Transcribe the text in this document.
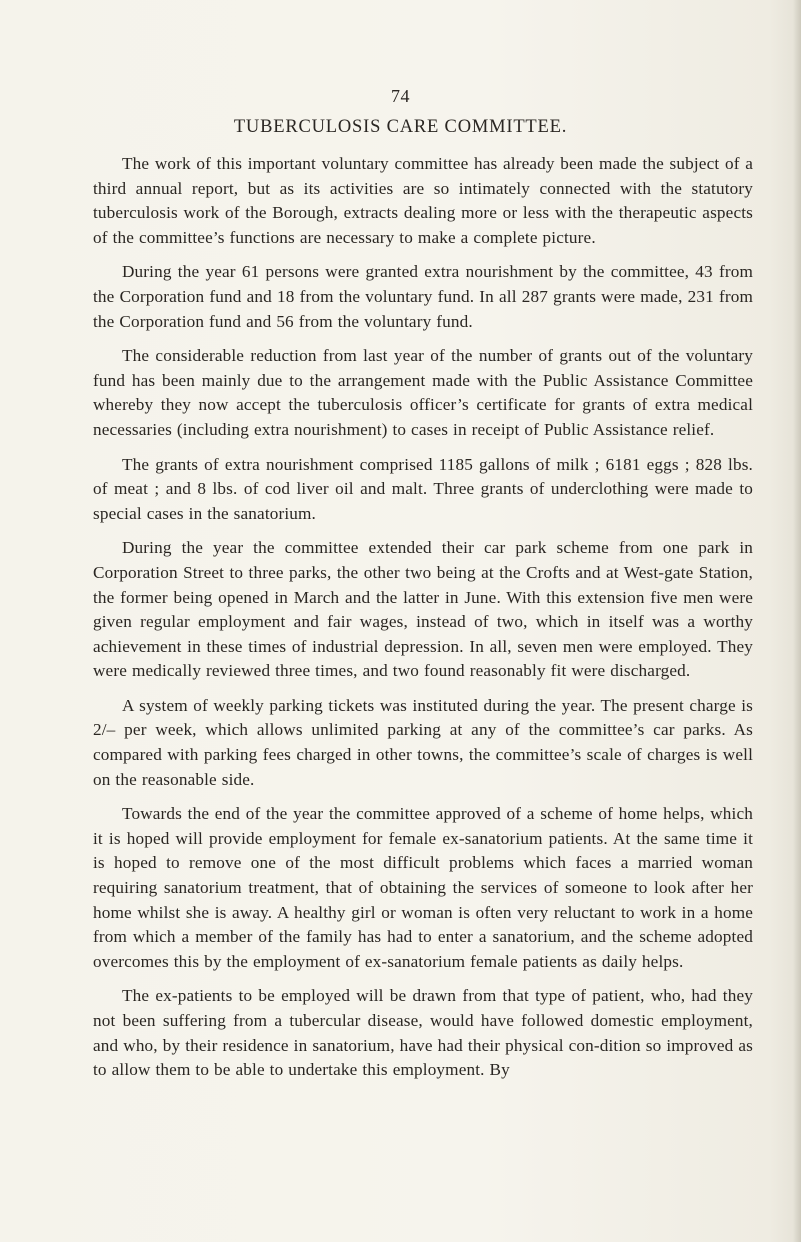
74
TUBERCULOSIS CARE COMMITTEE.

The work of this important voluntary committee has already been made the subject of a third annual report, but as its activities are so intimately connected with the statutory tuberculosis work of the Borough, extracts dealing more or less with the therapeutic aspects of the committee’s functions are necessary to make a complete picture.

During the year 61 persons were granted extra nourishment by the committee, 43 from the Corporation fund and 18 from the voluntary fund. In all 287 grants were made, 231 from the Corporation fund and 56 from the voluntary fund.

The considerable reduction from last year of the number of grants out of the voluntary fund has been mainly due to the arrangement made with the Public Assistance Committee whereby they now accept the tuberculosis officer’s certificate for grants of extra medical necessaries (including extra nourishment) to cases in receipt of Public Assistance relief.

The grants of extra nourishment comprised 1185 gallons of milk ; 6181 eggs ; 828 lbs. of meat ; and 8 lbs. of cod liver oil and malt. Three grants of underclothing were made to special cases in the sanatorium.

During the year the committee extended their car park scheme from one park in Corporation Street to three parks, the other two being at the Crofts and at West-gate Station, the former being opened in March and the latter in June. With this extension five men were given regular employment and fair wages, instead of two, which in itself was a worthy achievement in these times of industrial depression. In all, seven men were employed. They were medically reviewed three times, and two found reasonably fit were discharged.

A system of weekly parking tickets was instituted during the year. The present charge is 2/– per week, which allows unlimited parking at any of the committee’s car parks. As compared with parking fees charged in other towns, the committee’s scale of charges is well on the reasonable side.

Towards the end of the year the committee approved of a scheme of home helps, which it is hoped will provide employment for female ex-sanatorium patients. At the same time it is hoped to remove one of the most difficult problems which faces a married woman requiring sanatorium treatment, that of obtaining the services of someone to look after her home whilst she is away. A healthy girl or woman is often very reluctant to work in a home from which a member of the family has had to enter a sanatorium, and the scheme adopted overcomes this by the employment of ex-sanatorium female patients as daily helps.

The ex-patients to be employed will be drawn from that type of patient, who, had they not been suffering from a tubercular disease, would have followed domestic employment, and who, by their residence in sanatorium, have had their physical con-dition so improved as to allow them to be able to undertake this employment. By
